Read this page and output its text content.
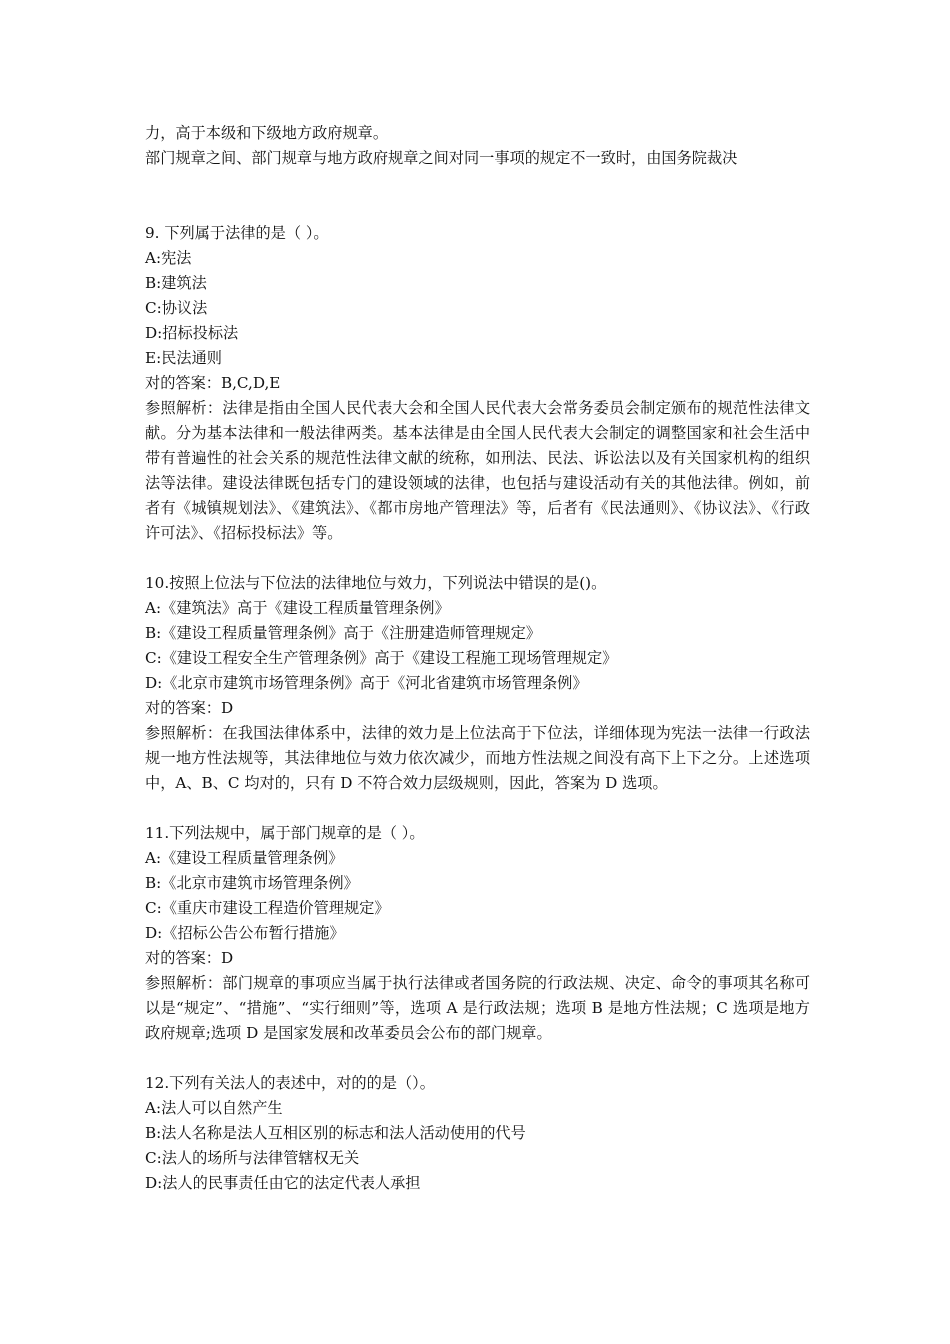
力，高于本级和下级地方政府规章。
部门规章之间、部门规章与地方政府规章之间对同一事项的规定不一致时，由国务院裁决
9. 下列属于法律的是（ ）。
A:宪法
B:建筑法
C:协议法
D:招标投标法
E:民法通则
对的答案：B,C,D,E
参照解析：法律是指由全国人民代表大会和全国人民代表大会常务委员会制定颁布的规范性法律文献。分为基本法律和一般法律两类。基本法律是由全国人民代表大会制定的调整国家和社会生活中带有普遍性的社会关系的规范性法律文献的统称，如刑法、民法、诉讼法以及有关国家机构的组织法等法律。建设法律既包括专门的建设领域的法律，也包括与建设活动有关的其他法律。例如，前者有《城镇规划法》、《建筑法》、《都市房地产管理法》等，后者有《民法通则》、《协议法》、《行政许可法》、《招标投标法》等。
10.按照上位法与下位法的法律地位与效力，下列说法中错误的是()。
A:《建筑法》高于《建设工程质量管理条例》
B:《建设工程质量管理条例》高于《注册建造师管理规定》
C:《建设工程安全生产管理条例》高于《建设工程施工现场管理规定》
D:《北京市建筑市场管理条例》高于《河北省建筑市场管理条例》
对的答案：D
参照解析：在我国法律体系中，法律的效力是上位法高于下位法，详细体现为宪法一法律一行政法规一地方性法规等，其法律地位与效力依次减少，而地方性法规之间没有高下上下之分。上述选项中，A、B、C 均对的，只有 D 不符合效力层级规则，因此，答案为 D 选项。
11.下列法规中，属于部门规章的是（ ）。
A:《建设工程质量管理条例》
B:《北京市建筑市场管理条例》
C:《重庆市建设工程造价管理规定》
D:《招标公告公布暂行措施》
对的答案：D
参照解析：部门规章的事项应当属于执行法律或者国务院的行政法规、决定、命令的事项其名称可以是“规定”、“措施”、“实行细则”等，选项 A 是行政法规；选项 B 是地方性法规；C 选项是地方政府规章;选项 D 是国家发展和改革委员会公布的部门规章。
12.下列有关法人的表述中，对的的是（）。
A:法人可以自然产生
B:法人名称是法人互相区别的标志和法人活动使用的代号
C:法人的场所与法律管辖权无关
D:法人的民事责任由它的法定代表人承担
